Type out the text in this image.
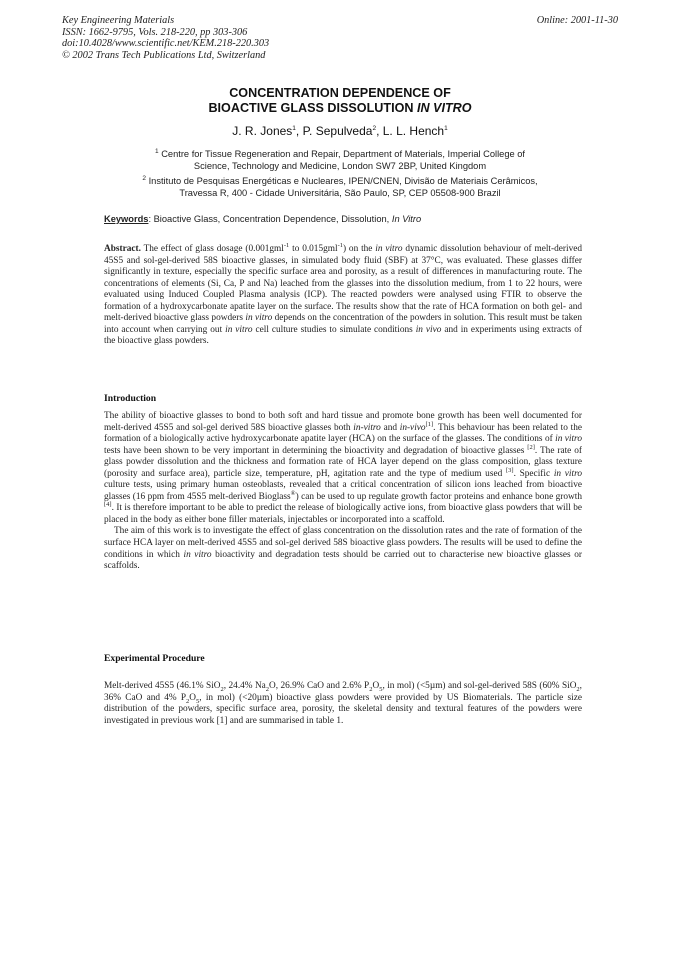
Key Engineering Materials
ISSN: 1662-9795, Vols. 218-220, pp 303-306
doi:10.4028/www.scientific.net/KEM.218-220.303
© 2002 Trans Tech Publications Ltd, Switzerland
Online: 2001-11-30
CONCENTRATION DEPENDENCE OF
BIOACTIVE GLASS DISSOLUTION IN VITRO
J. R. Jones$^1$, P. Sepulveda$^2$, L. L. Hench$^1$
$^1$ Centre for Tissue Regeneration and Repair, Department of Materials, Imperial College of
Science, Technology and Medicine, London SW7 2BP, United Kingdom
$^2$ Instituto de Pesquisas Energéticas e Nucleares, IPEN/CNEN, Divisão de Materiais Cerâmicos,
Travessa R, 400 - Cidade Universitária, São Paulo, SP, CEP 05508-900 Brazil
Keywords: Bioactive Glass, Concentration Dependence, Dissolution, In Vitro

Abstract. The effect of glass dosage (0.001gml$^{-1}$ to 0.015gml$^{-1}$) on the in vitro dynamic dissolution behaviour of melt-derived 45S5 and sol-gel-derived 58S bioactive glasses, in simulated body fluid (SBF) at 37°C, was evaluated. These glasses differ significantly in texture, especially the specific surface area and porosity, as a result of differences in manufacturing route. The concentrations of elements (Si, Ca, P and Na) leached from the glasses into the dissolution medium, from 1 to 22 hours, were evaluated using Induced Coupled Plasma analysis (ICP). The reacted powders were analysed using FTIR to observe the formation of a hydroxycarbonate apatite layer on the surface. The results show that the rate of HCA formation on both gel- and melt-derived bioactive glass powders in vitro depends on the concentration of the powders in solution. This result must be taken into account when carrying out in vitro cell culture studies to simulate conditions in vivo and in experiments using extracts of the bioactive glass powders.

Introduction

The ability of bioactive glasses to bond to both soft and hard tissue and promote bone growth has been well documented for melt-derived 45S5 and sol-gel derived 58S bioactive glasses both in-vitro and in-vivo[1]. This behaviour has been related to the formation of a biologically active hydroxycarbonate apatite layer (HCA) on the surface of the glasses. The conditions of in vitro tests have been shown to be very important in determining the bioactivity and degradation of bioactive glasses [2]. The rate of glass powder dissolution and the thickness and formation rate of HCA layer depend on the glass composition, glass texture (porosity and surface area), particle size, temperature, pH, agitation rate and the type of medium used [3]. Specific in vitro culture tests, using primary human osteoblasts, revealed that a critical concentration of silicon ions leached from bioactive glasses (16 ppm from 45S5 melt-derived Bioglass®) can be used to up regulate growth factor proteins and enhance bone growth [4]. It is therefore important to be able to predict the release of biologically active ions, from bioactive glass powders that will be placed in the body as either bone filler materials, injectables or incorporated into a scaffold.

The aim of this work is to investigate the effect of glass concentration on the dissolution rates and the rate of formation of the surface HCA layer on melt-derived 45S5 and sol-gel derived 58S bioactive glass powders. The results will be used to define the conditions in which in vitro bioactivity and degradation tests should be carried out to characterise new bioactive glasses or scaffolds.

Experimental Procedure

Melt-derived 45S5 (46.1% SiO$_2$, 24.4% $Na_2O$, 26.9% CaO and 2.6% $P_2O_5$, in mol) (<5µm) and sol-gel-derived 58S (60% SiO$_2$, 36% CaO and 4% $P_2O_5$, in mol) (<20µm) bioactive glass powders were provided by US Biomaterials. The particle size distribution of the powders, specific surface area, porosity, the skeletal density and textural features of the powders were investigated in previous work [1] and are summarised in table 1.
